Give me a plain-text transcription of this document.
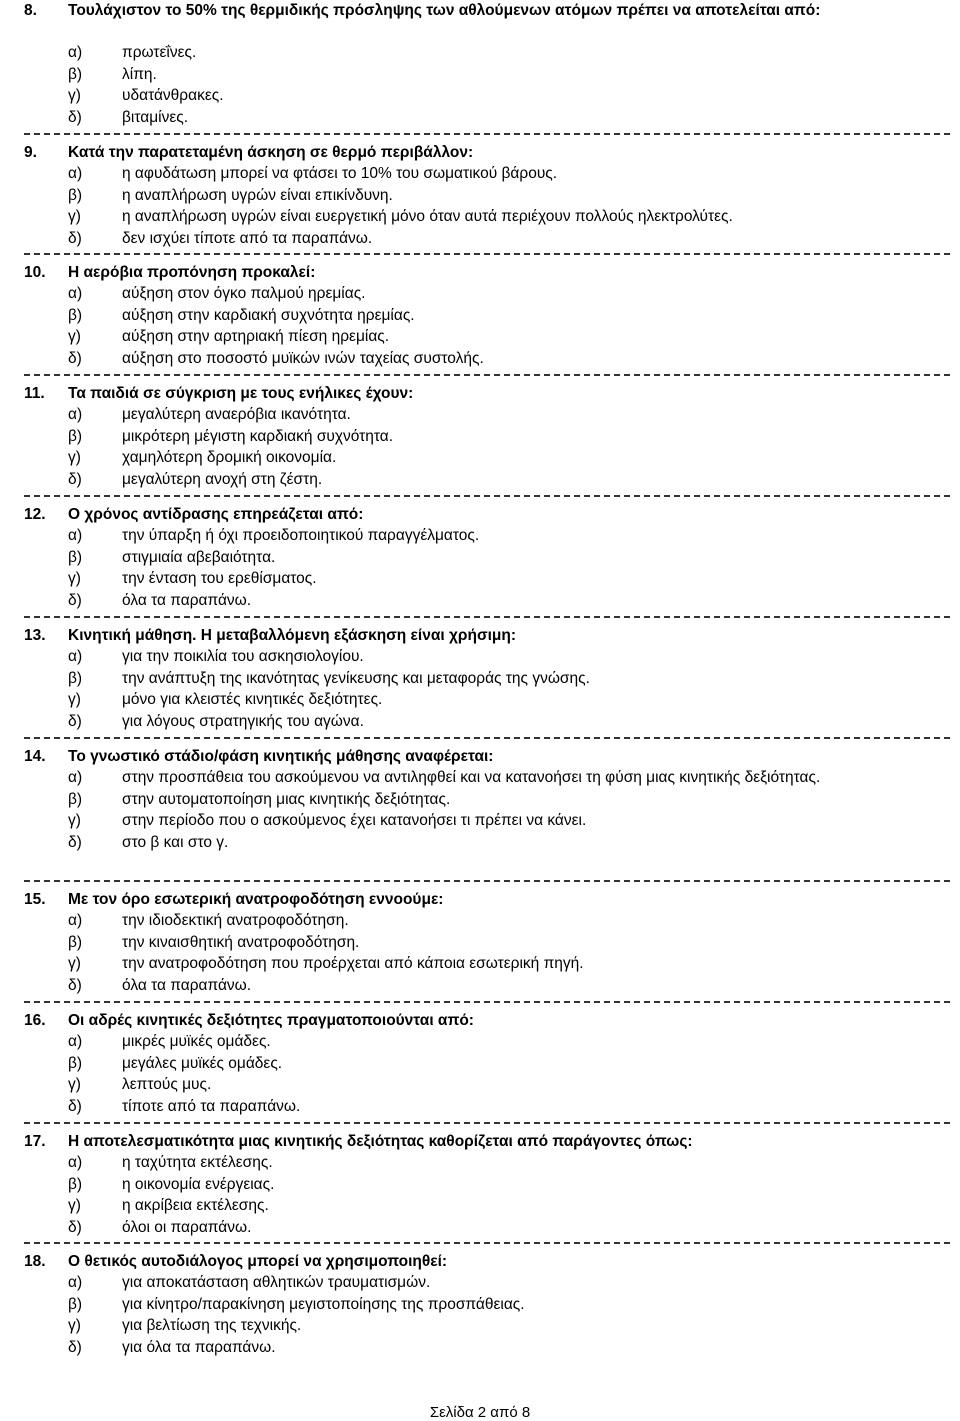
8. Τουλάχιστον το 50% της θερμιδικής πρόσληψης των αθλούμενων ατόμων πρέπει να αποτελείται από:
α)	πρωτεΐνες.
β)	λίπη.
γ)	υδατάνθρακες.
δ)	βιταμίνες.
9. Κατά την παρατεταμένη άσκηση σε θερμό περιβάλλον:
α)	η αφυδάτωση μπορεί να φτάσει το 10% του σωματικού βάρους.
β)	η αναπλήρωση υγρών είναι επικίνδυνη.
γ)	η αναπλήρωση υγρών είναι ευεργετική μόνο όταν αυτά περιέχουν πολλούς ηλεκτρολύτες.
δ)	δεν ισχύει τίποτε από τα παραπάνω.
10. Η αερόβια προπόνηση προκαλεί:
α)	αύξηση στον όγκο παλμού ηρεμίας.
β)	αύξηση στην καρδιακή συχνότητα ηρεμίας.
γ)	αύξηση στην αρτηριακή πίεση ηρεμίας.
δ)	αύξηση στο ποσοστό μυϊκών ινών ταχείας συστολής.
11. Τα παιδιά σε σύγκριση με τους ενήλικες έχουν:
α)	μεγαλύτερη αναερόβια ικανότητα.
β)	μικρότερη μέγιστη καρδιακή συχνότητα.
γ)	χαμηλότερη δρομική οικονομία.
δ)	μεγαλύτερη ανοχή στη ζέστη.
12. Ο χρόνος αντίδρασης επηρεάζεται από:
α)	την ύπαρξη ή όχι προειδοποιητικού παραγγέλματος.
β)	στιγμιαία αβεβαιότητα.
γ)	την ένταση του ερεθίσματος.
δ)	όλα τα παραπάνω.
13. Κινητική μάθηση. Η μεταβαλλόμενη εξάσκηση είναι χρήσιμη:
α)	για την ποικιλία του ασκησιολογίου.
β)	την ανάπτυξη της ικανότητας γενίκευσης και μεταφοράς της γνώσης.
γ)	μόνο για κλειστές κινητικές δεξιότητες.
δ)	για λόγους στρατηγικής του αγώνα.
14. Το γνωστικό στάδιο/φάση κινητικής μάθησης αναφέρεται:
α)	στην προσπάθεια του ασκούμενου να αντιληφθεί και να κατανοήσει τη φύση μιας κινητικής δεξιότητας.
β)	στην αυτοματοποίηση μιας κινητικής δεξιότητας.
γ)	στην περίοδο που ο ασκούμενος έχει κατανοήσει τι πρέπει να κάνει.
δ)	στο β και στο γ.
15. Με τον όρο εσωτερική ανατροφοδότηση εννοούμε:
α)	την ιδιοδεκτική ανατροφοδότηση.
β)	την κιναισθητική ανατροφοδότηση.
γ)	την ανατροφοδότηση που προέρχεται από κάποια εσωτερική πηγή.
δ)	όλα τα παραπάνω.
16. Οι αδρές κινητικές δεξιότητες πραγματοποιούνται από:
α)	μικρές μυϊκές ομάδες.
β)	μεγάλες μυϊκές ομάδες.
γ)	λεπτούς μυς.
δ)	τίποτε από τα παραπάνω.
17. Η αποτελεσματικότητα μιας κινητικής δεξιότητας καθορίζεται από παράγοντες όπως:
α)	η ταχύτητα εκτέλεσης.
β)	η οικονομία ενέργειας.
γ)	η ακρίβεια εκτέλεσης.
δ)	όλοι οι παραπάνω.
18. Ο θετικός αυτοδιάλογος μπορεί να χρησιμοποιηθεί:
α)	για αποκατάσταση αθλητικών τραυματισμών.
β)	για κίνητρο/παρακίνηση μεγιστοποίησης της προσπάθειας.
γ)	για βελτίωση της τεχνικής.
δ)	για όλα τα παραπάνω.
Σελίδα 2 από 8
